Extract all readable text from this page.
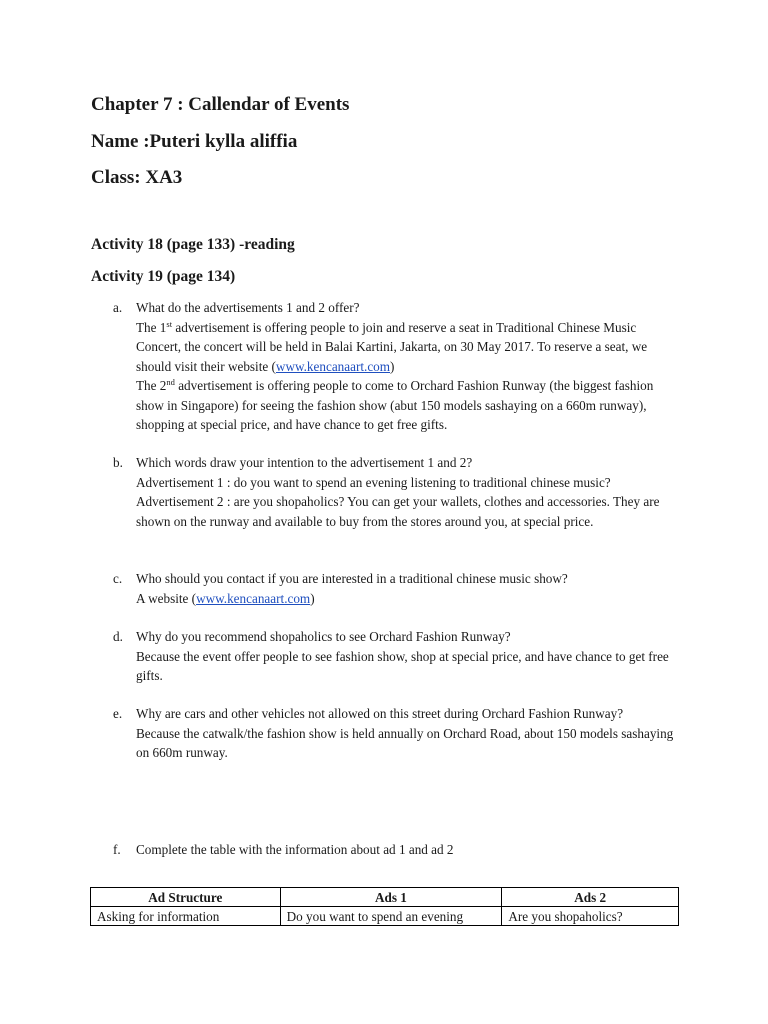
Chapter 7 : Callendar of Events
Name :Puteri kylla aliffia
Class: XA3
Activity 18 (page 133) -reading
Activity 19 (page 134)
a.	What do the advertisements 1 and 2 offer?

The 1st advertisement is offering people to join and reserve a seat in Traditional Chinese Music Concert, the concert will be held in Balai Kartini, Jakarta, on 30 May 2017. To reserve a seat, we should visit their website (www.kencanaart.com)

The 2nd advertisement is offering people to come to Orchard Fashion Runway (the biggest fashion show in Singapore) for seeing the fashion show (abut 150 models sashaying on a 660m runway), shopping at special price, and have chance to get free gifts.

b. Which words draw your intention to the advertisement 1 and 2?

Advertisement 1 : do you want to spend an evening listening to traditional chinese music?

Advertisement 2 : are you shopaholics? You can get your wallets, clothes and accessories. They are shown on the runway and available to buy from the stores around you, at special price.

c.	Who should you contact if you are interested in a traditional chinese music show?

A website (www.kencanaart.com)

d. Why do you recommend shopaholics to see Orchard Fashion Runway?

Because the event offer people to see fashion show, shop at special price, and have chance to get free gifts.

e.	Why are cars and other vehicles not allowed on this street during Orchard Fashion Runway?

Because the catwalk/the fashion show is held annually on Orchard Road, about 150 models sashaying on 660m runway.

f.	Complete the table with the information about ad 1 and ad 2

Ad Structure	Ads 1	Ads 2
Asking for information	Do you want to spend an evening	Are you shopaholics?
